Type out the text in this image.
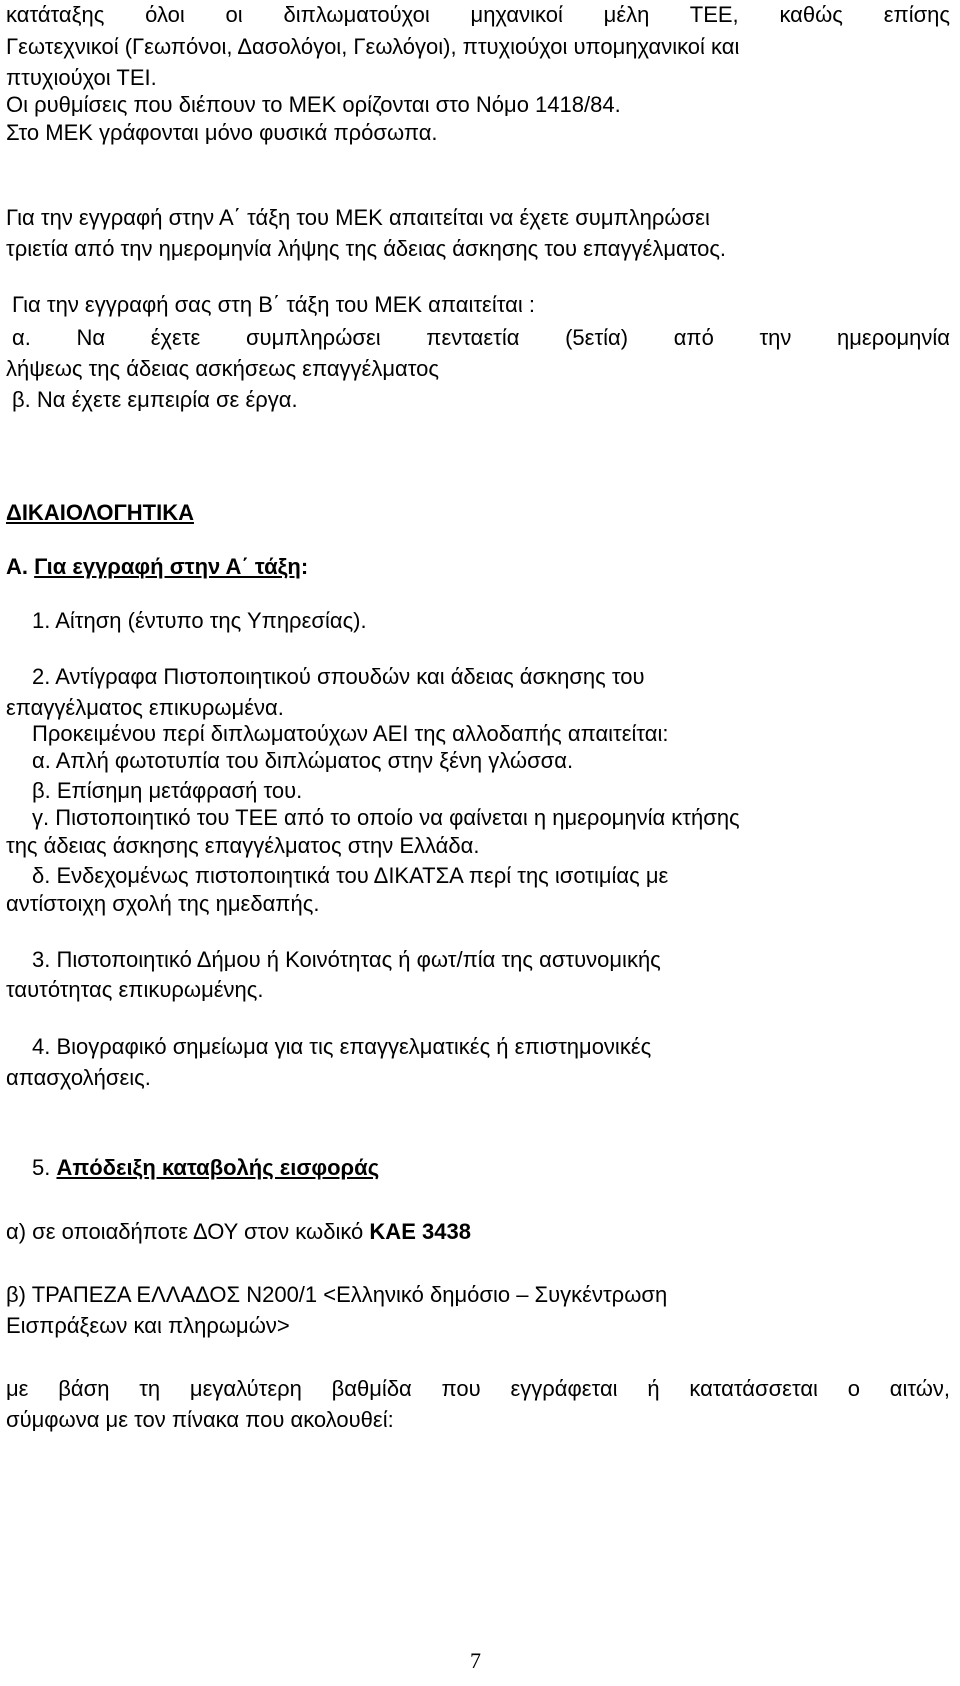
κατάταξης όλοι οι διπλωματούχοι μηχανικοί μέλη ΤΕΕ, καθώς επίσης
Γεωτεχνικοί (Γεωπόνοι, Δασολόγοι, Γεωλόγοι), πτυχιούχοι υπομηχανικοί και
πτυχιούχοι ΤΕΙ.
Οι ρυθμίσεις που διέπουν το ΜΕΚ ορίζονται στο Νόμο 1418/84.
Στο ΜΕΚ γράφονται μόνο φυσικά πρόσωπα.
Για την εγγραφή στην Α΄ τάξη του ΜΕΚ απαιτείται να έχετε συμπληρώσει
τριετία από την ημερομηνία λήψης της άδειας άσκησης του επαγγέλματος.
Για την εγγραφή σας στη Β΄ τάξη του ΜΕΚ απαιτείται :
α. Να έχετε συμπληρώσει πενταετία (5ετία) από την ημερομηνία
λήψεως της άδειας ασκήσεως επαγγέλματος
β. Να έχετε εμπειρία σε έργα.
ΔΙΚΑΙΟΛΟΓΗΤΙΚΑ
Α. Για εγγραφή στην Α΄ τάξη:
1. Αίτηση (έντυπο της Υπηρεσίας).
2. Αντίγραφα Πιστοποιητικού σπουδών και άδειας άσκησης του
επαγγέλματος επικυρωμένα.
Προκειμένου περί διπλωματούχων ΑΕΙ της αλλοδαπής απαιτείται:
α. Απλή φωτοτυπία του διπλώματος στην ξένη γλώσσα.
β. Επίσημη μετάφρασή του.
γ. Πιστοποιητικό του ΤΕΕ από το οποίο να φαίνεται η ημερομηνία κτήσης
της άδειας άσκησης επαγγέλματος στην Ελλάδα.
δ. Ενδεχομένως πιστοποιητικά του ΔΙΚΑΤΣΑ περί της ισοτιμίας με
αντίστοιχη σχολή της ημεδαπής.
3. Πιστοποιητικό Δήμου ή Κοινότητας ή φωτ/πία της αστυνομικής
ταυτότητας επικυρωμένης.
4. Βιογραφικό σημείωμα για τις επαγγελματικές ή επιστημονικές
απασχολήσεις.
5. Απόδειξη καταβολής εισφοράς
α) σε οποιαδήποτε ΔΟΥ στον κωδικό ΚΑΕ 3438
β) ΤΡΑΠΕΖΑ ΕΛΛΑΔΟΣ Ν200/1 <Ελληνικό δημόσιο – Συγκέντρωση
Εισπράξεων και πληρωμών>
με βάση τη μεγαλύτερη βαθμίδα που εγγράφεται ή κατατάσσεται ο αιτών,
σύμφωνα με τον πίνακα που ακολουθεί:
7
